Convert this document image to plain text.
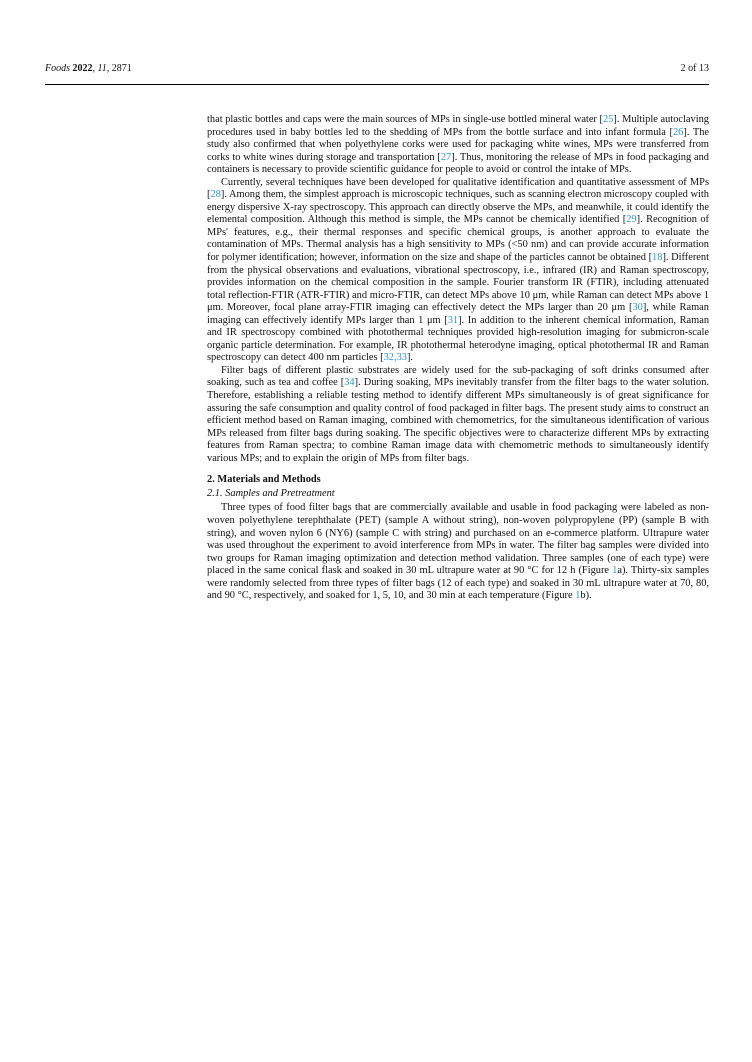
Foods 2022, 11, 2871	2 of 13

that plastic bottles and caps were the main sources of MPs in single-use bottled mineral water [25]. Multiple autoclaving procedures used in baby bottles led to the shedding of MPs from the bottle surface and into infant formula [26]. The study also confirmed that when polyethylene corks were used for packaging white wines, MPs were transferred from corks to white wines during storage and transportation [27]. Thus, monitoring the release of MPs in food packaging and containers is necessary to provide scientific guidance for people to avoid or control the intake of MPs.

Currently, several techniques have been developed for qualitative identification and quantitative assessment of MPs [28]. Among them, the simplest approach is microscopic techniques, such as scanning electron microscopy coupled with energy dispersive X-ray spectroscopy. This approach can directly observe the MPs, and meanwhile, it could identify the elemental composition. Although this method is simple, the MPs cannot be chemically identified [29]. Recognition of MPs' features, e.g., their thermal responses and specific chemical groups, is another approach to evaluate the contamination of MPs. Thermal analysis has a high sensitivity to MPs (<50 nm) and can provide accurate information for polymer identification; however, information on the size and shape of the particles cannot be obtained [18]. Different from the physical observations and evaluations, vibrational spectroscopy, i.e., infrared (IR) and Raman spectroscopy, provides information on the chemical composition in the sample. Fourier transform IR (FTIR), including attenuated total reflection-FTIR (ATR-FTIR) and micro-FTIR, can detect MPs above 10 μm, while Raman can detect MPs above 1 μm. Moreover, focal plane array-FTIR imaging can effectively detect the MPs larger than 20 μm [30], while Raman imaging can effectively identify MPs larger than 1 μm [31]. In addition to the inherent chemical information, Raman and IR spectroscopy combined with photothermal techniques provided high-resolution imaging for submicron-scale organic particle determination. For example, IR photothermal heterodyne imaging, optical photothermal IR and Raman spectroscopy can detect 400 nm particles [32,33].

Filter bags of different plastic substrates are widely used for the sub-packaging of soft drinks consumed after soaking, such as tea and coffee [34]. During soaking, MPs inevitably transfer from the filter bags to the water solution. Therefore, establishing a reliable testing method to identify different MPs simultaneously is of great significance for assuring the safe consumption and quality control of food packaged in filter bags. The present study aims to construct an efficient method based on Raman imaging, combined with chemometrics, for the simultaneous identification of various MPs released from filter bags during soaking. The specific objectives were to characterize different MPs by extracting features from Raman spectra; to combine Raman image data with chemometric methods to simultaneously identify various MPs; and to explain the origin of MPs from filter bags.

2. Materials and Methods
2.1. Samples and Pretreatment

Three types of food filter bags that are commercially available and usable in food packaging were labeled as non-woven polyethylene terephthalate (PET) (sample A without string), non-woven polypropylene (PP) (sample B with string), and woven nylon 6 (NY6) (sample C with string) and purchased on an e-commerce platform. Ultrapure water was used throughout the experiment to avoid interference from MPs in water. The filter bag samples were divided into two groups for Raman imaging optimization and detection method validation. Three samples (one of each type) were placed in the same conical flask and soaked in 30 mL ultrapure water at 90 °C for 12 h (Figure 1a). Thirty-six samples were randomly selected from three types of filter bags (12 of each type) and soaked in 30 mL ultrapure water at 70, 80, and 90 °C, respectively, and soaked for 1, 5, 10, and 30 min at each temperature (Figure 1b).
